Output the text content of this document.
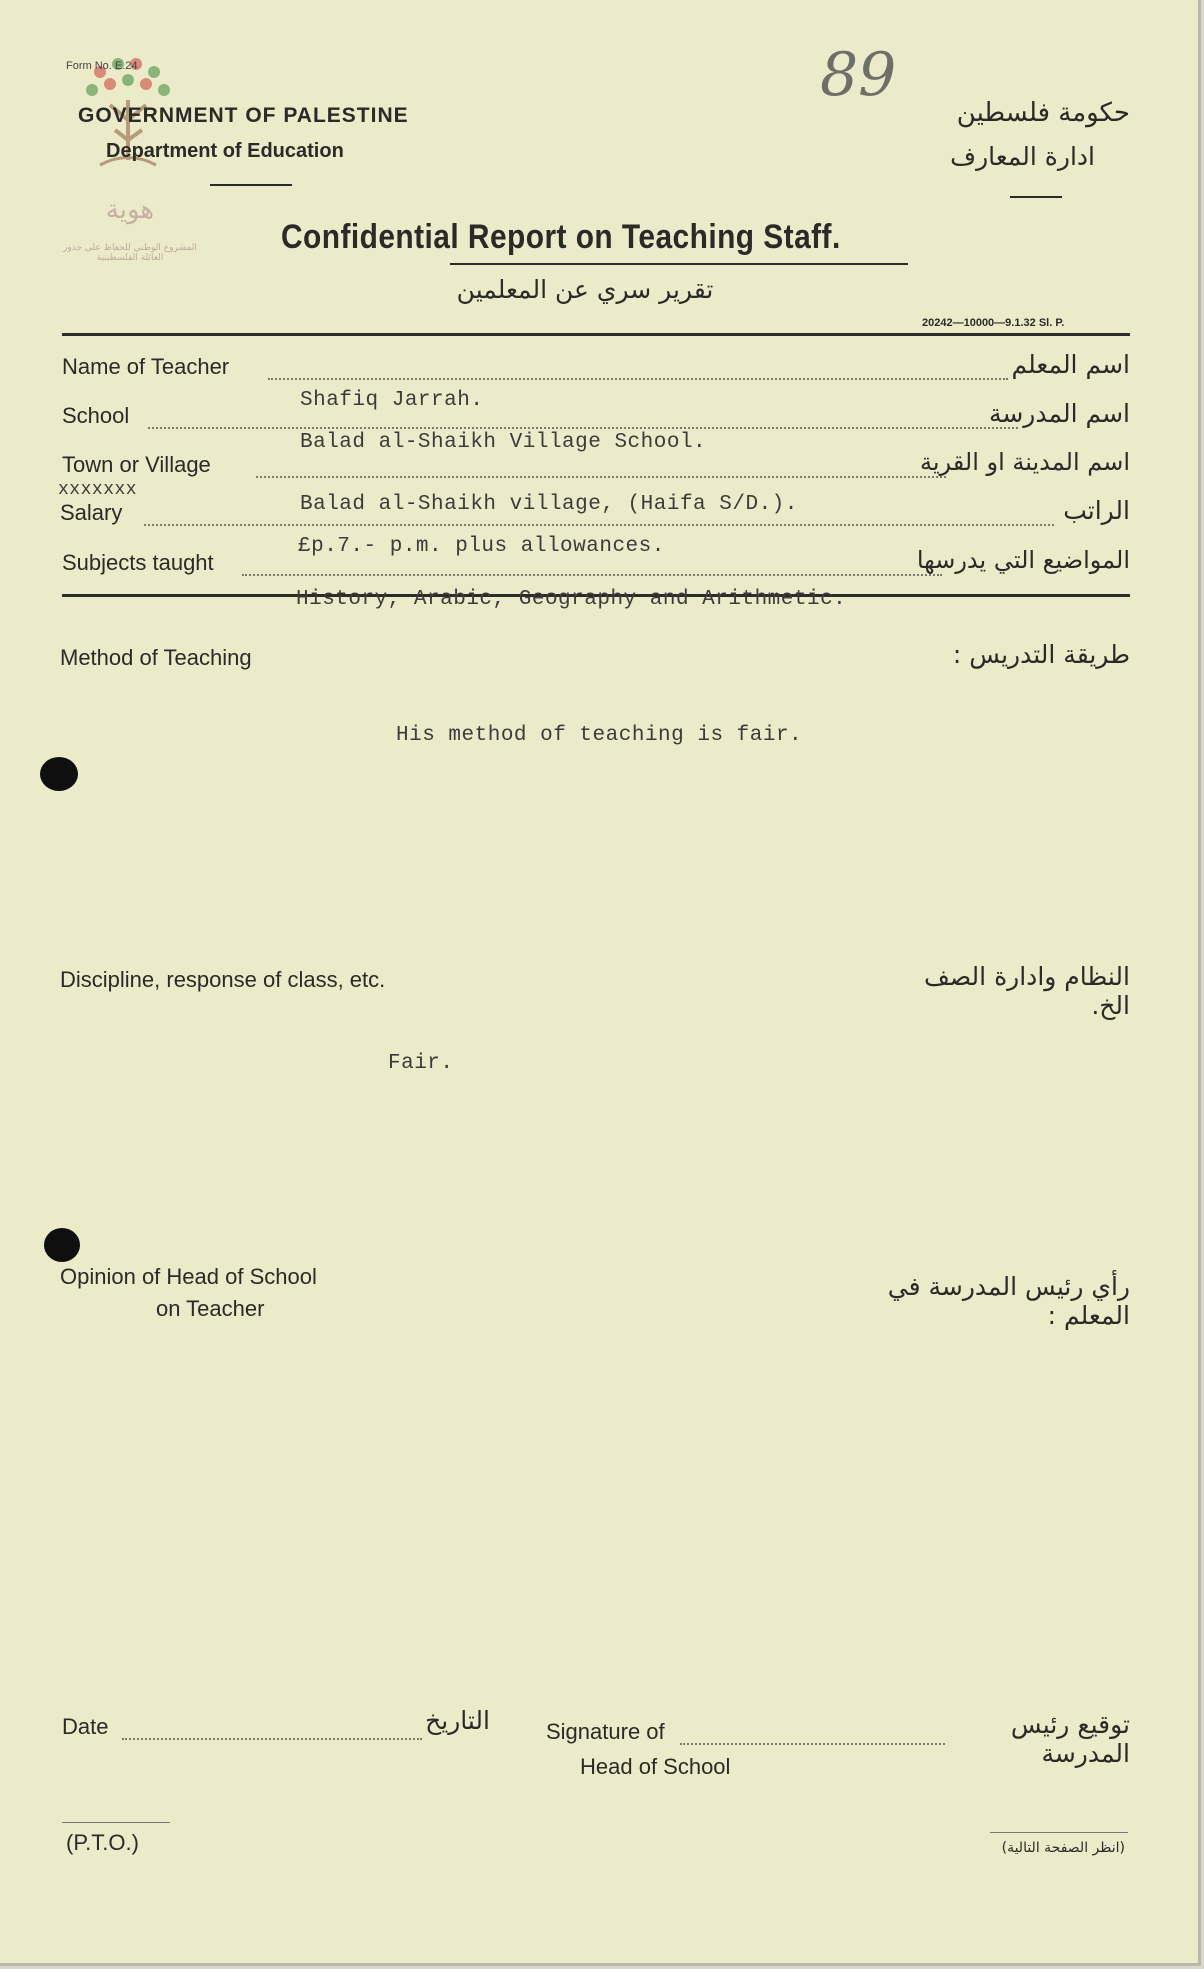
هوية
المشروع الوطني للحفاظ على جذور العائلة الفلسطينية
Form No. E.24
GOVERNMENT OF PALESTINE
Department of Education
89
حكومة فلسطين
ادارة المعارف
Confidential Report on Teaching Staff.
تقرير سري عن المعلمين
20242—10000—9.1.32 Sl. P.
Name of Teacher	اسم المعلم
Shafiq Jarrah.
School	اسم المدرسة
Balad al-Shaikh Village School.
Town or Village	اسم المدينة او القرية
Balad al-Shaikh village, (Haifa S/D.).
xxxxxxx
Salary	الراتب
£p.7.- p.m. plus allowances.
Subjects taught	المواضيع التي يدرسها
History, Arabic, Geography and Arithmetic.
Method of Teaching	طريقة التدريس :
His method of teaching is fair.
Discipline, response of class, etc.	النظام وادارة الصف الخ.
Fair.
Opinion of Head of School
on Teacher
رأي رئيس المدرسة في المعلم :
Date	التاريخ	Signature of	توقيع رئيس المدرسة
Head of School
(P.T.O.)	(انظر الصفحة التالية)
